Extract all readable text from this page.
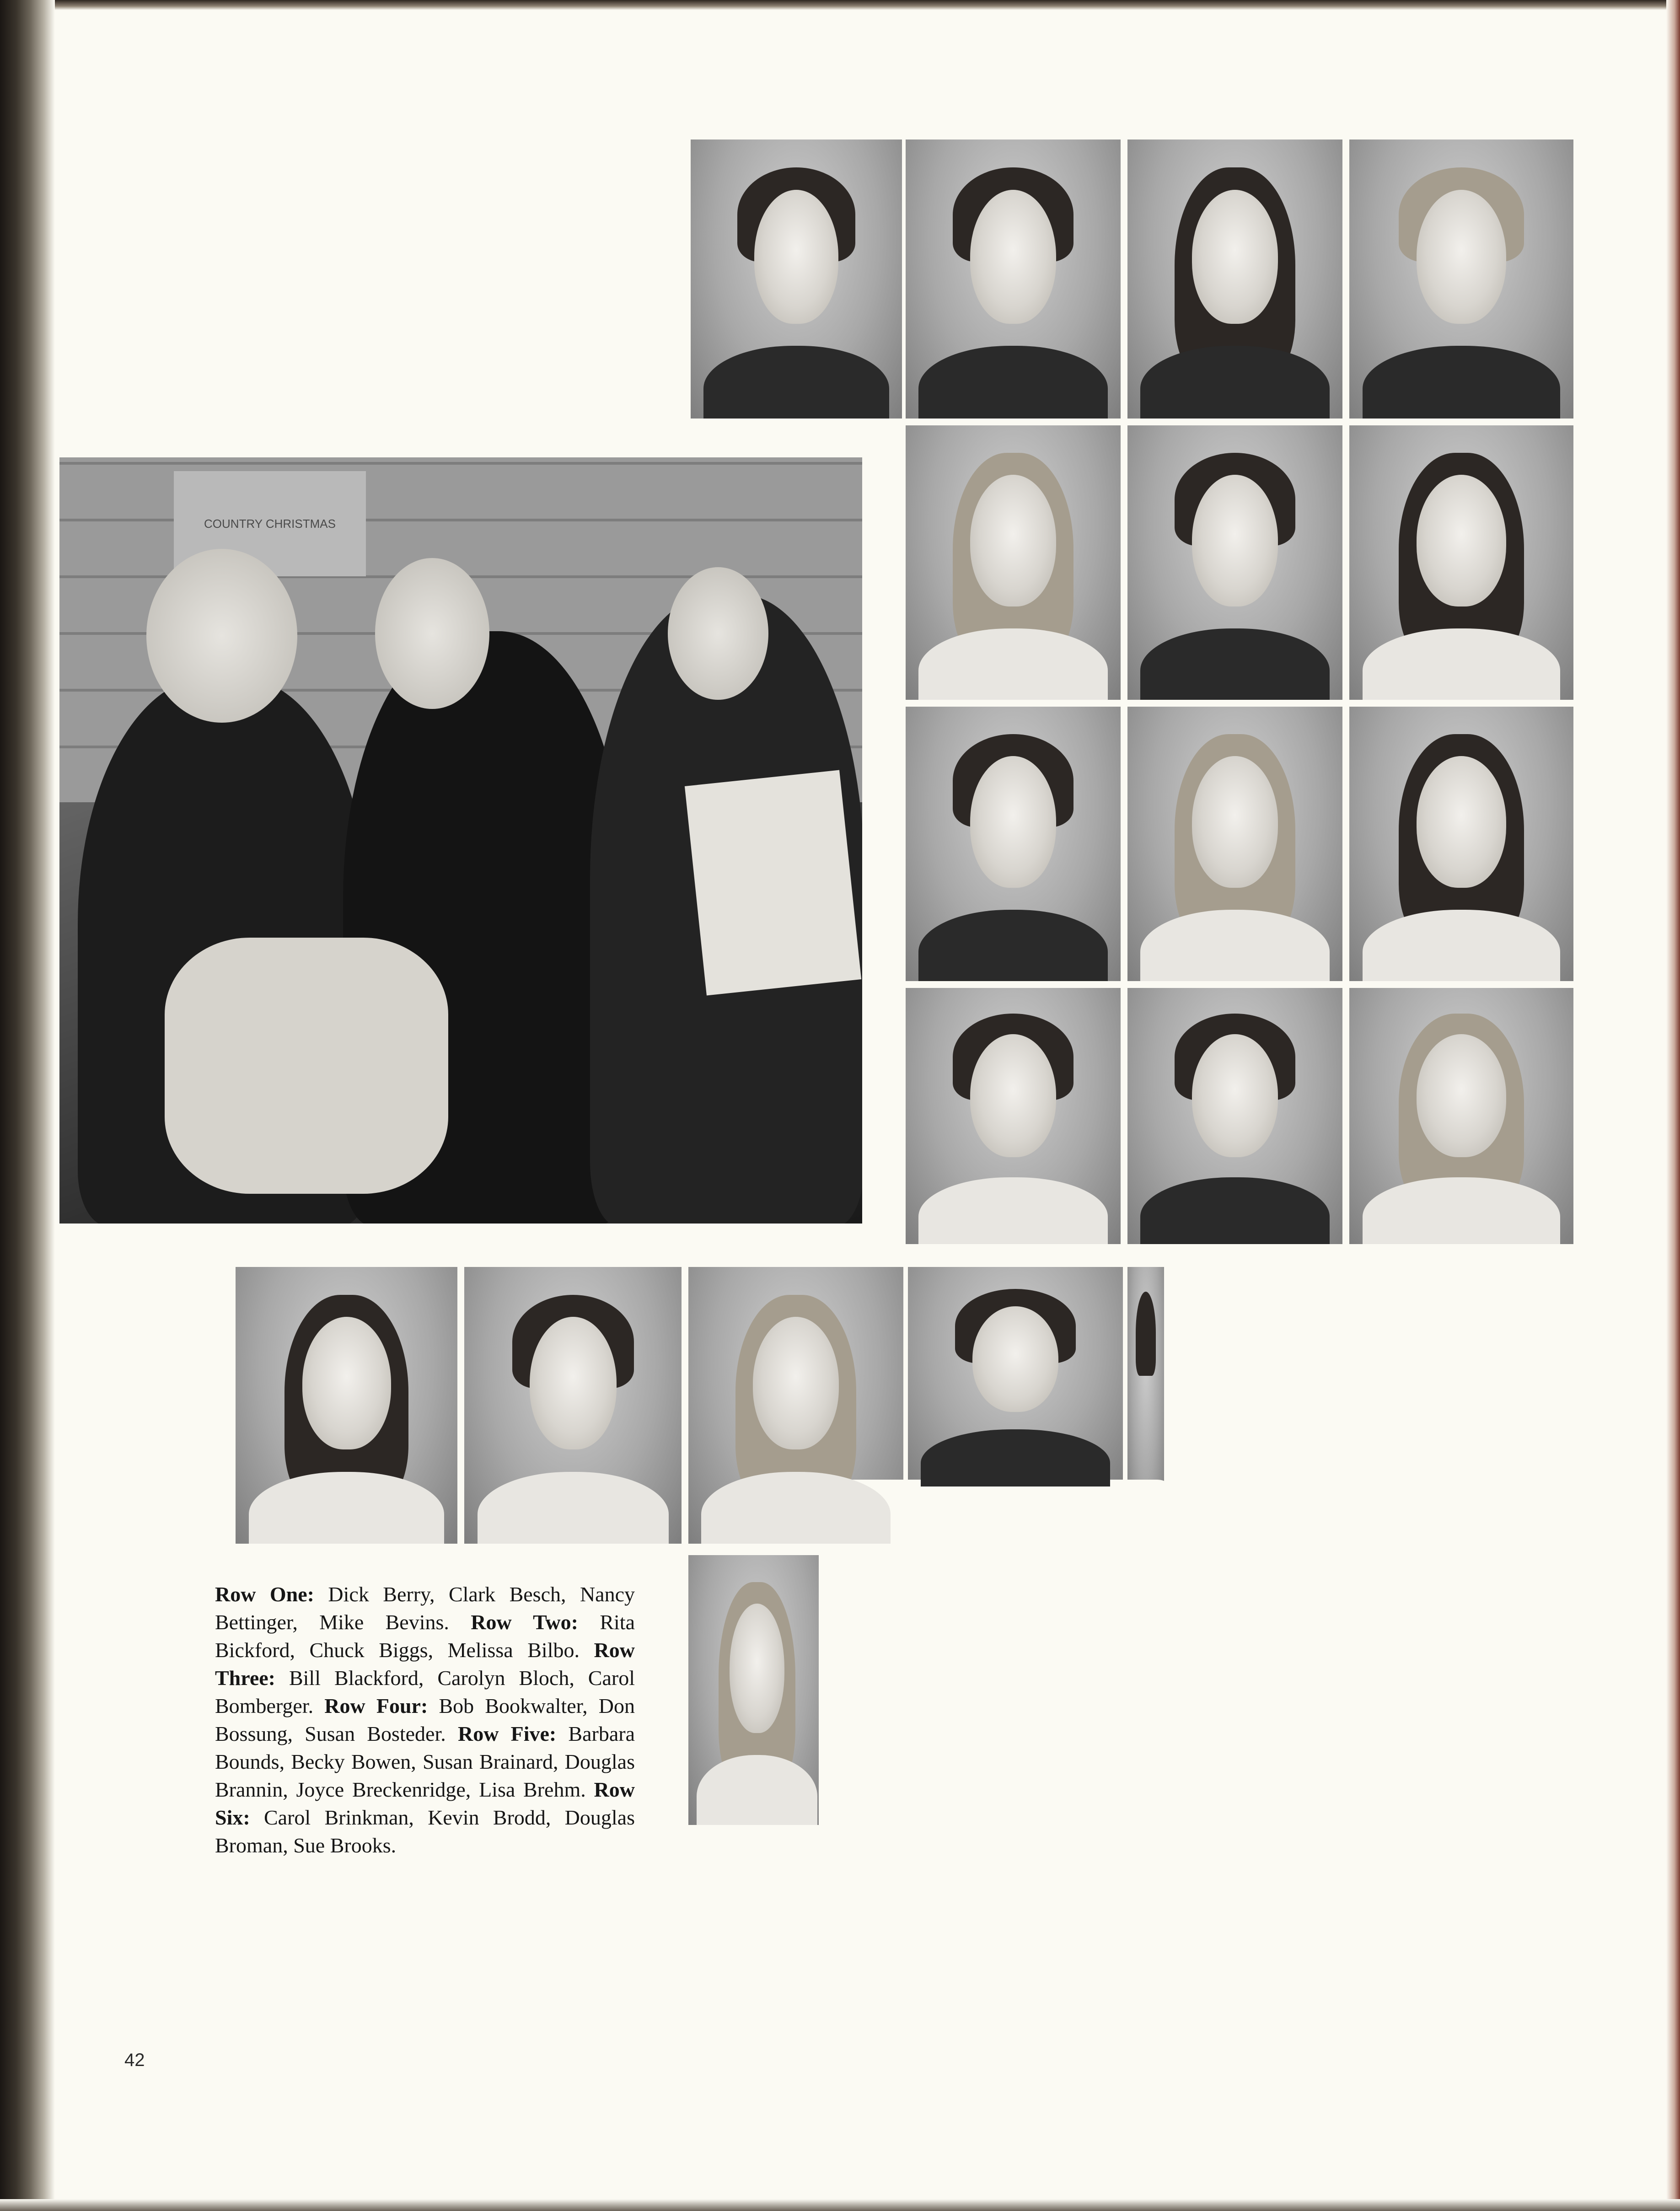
COUNTRY CHRISTMAS
Row One: Dick Berry, Clark Besch, Nancy Bettinger, Mike Bevins. Row Two: Rita Bickford, Chuck Biggs, Melissa Bilbo. Row Three: Bill Blackford, Carolyn Bloch, Carol Bomberger. Row Four: Bob Bookwalter, Don Bossung, Susan Bosteder. Row Five: Barbara Bounds, Becky Bowen, Susan Brainard, Douglas Brannin, Joyce Breckenridge, Lisa Brehm. Row Six: Carol Brinkman, Kevin Brodd, Douglas Broman, Sue Brooks.
42
